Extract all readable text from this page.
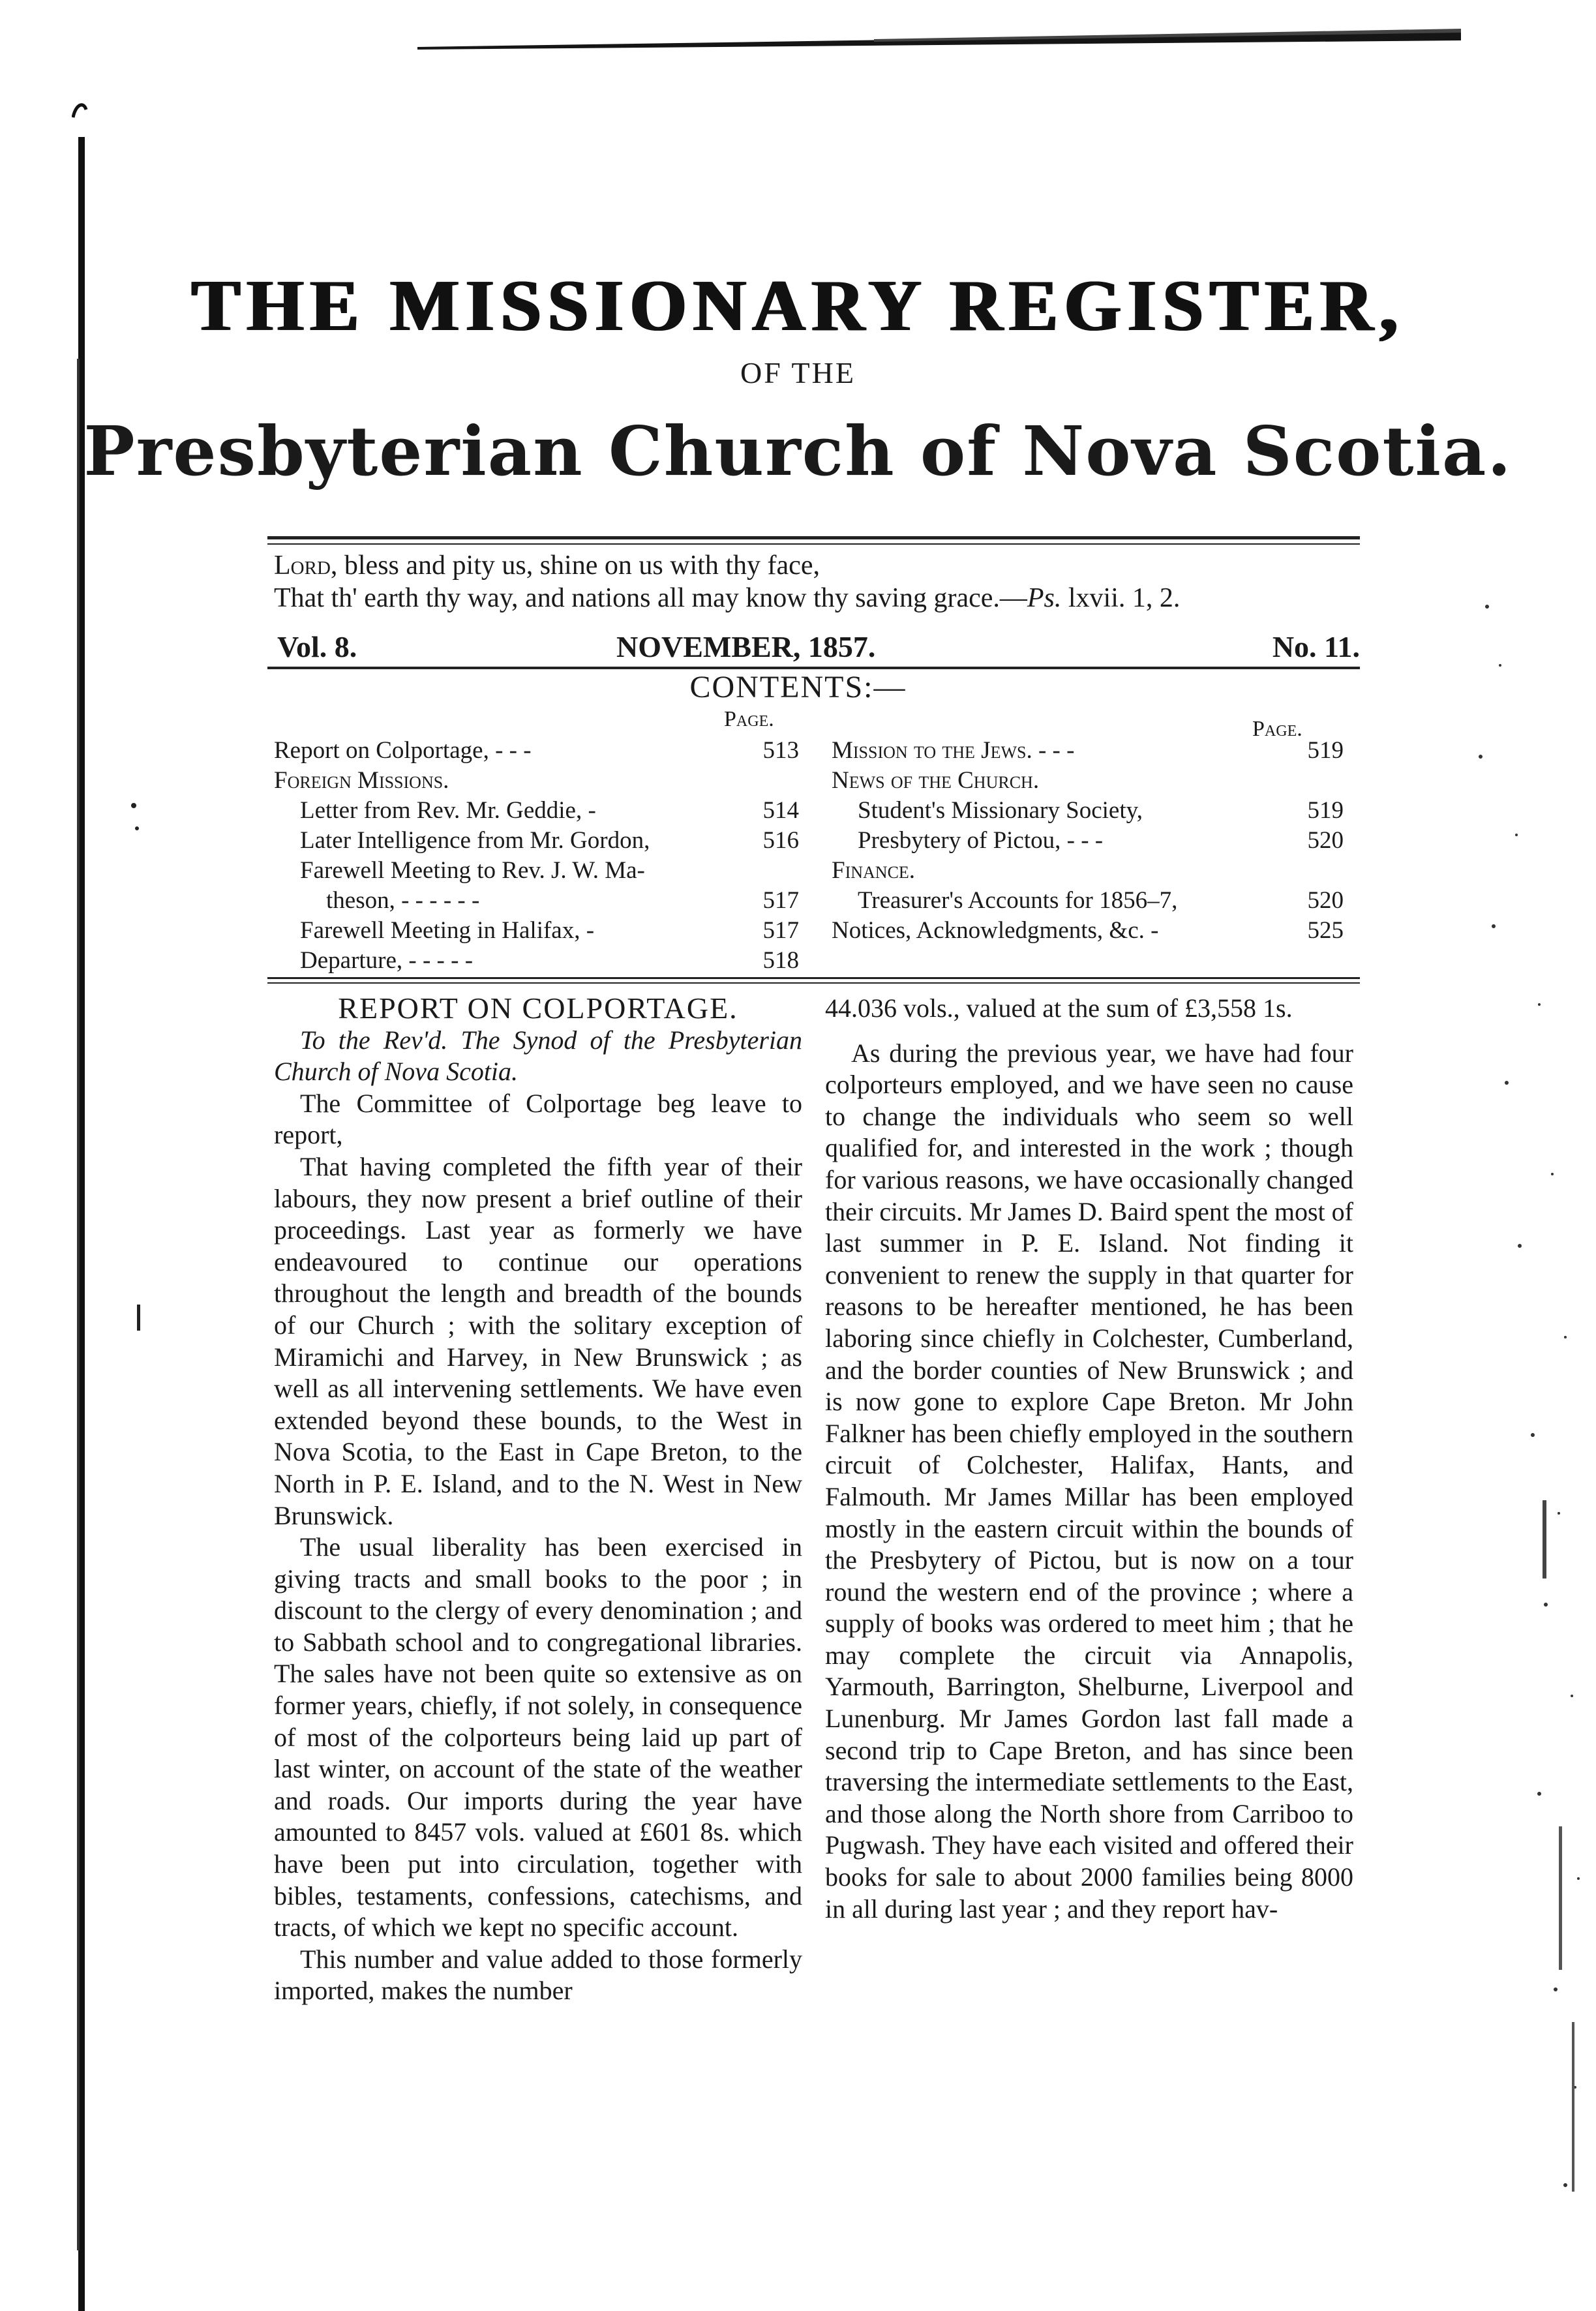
THE MISSIONARY REGISTER,
OF THE
Presbyterian Church of Nova Scotia.
Lord, bless and pity us, shine on us with thy face,
That th' earth thy way, and nations all may know thy saving grace.—Ps. lxvii. 1, 2.
Vol. 8.	NOVEMBER, 1857.	No. 11.
CONTENTS:—
Page.	Page.
Report on Colportage, - - -	513
Foreign Missions.
Letter from Rev. Mr. Geddie, -	514
Later Intelligence from Mr. Gordon,	516
Farewell Meeting to Rev. J. W. Ma-
theson, - - - - - -	517
Farewell Meeting in Halifax, -	517
Departure, - - - - -	518
Mission to the Jews. - - -	519
News of the Church.
Student's Missionary Society,	519
Presbytery of Pictou, - - -	520
Finance.
Treasurer's Accounts for 1856–7,	520
Notices, Acknowledgments, &c. -	525

REPORT ON COLPORTAGE.

To the Rev'd. The Synod of the Presbyterian Church of Nova Scotia.

The Committee of Colportage beg leave to report,

That having completed the fifth year of their labours, they now present a brief outline of their proceedings. Last year as formerly we have endeavoured to continue our operations throughout the length and breadth of the bounds of our Church ; with the solitary exception of Miramichi and Harvey, in New Brunswick ; as well as all intervening settlements. We have even extended beyond these bounds, to the West in Nova Scotia, to the East in Cape Breton, to the North in P. E. Island, and to the N. West in New Brunswick.

The usual liberality has been exercised in giving tracts and small books to the poor ; in discount to the clergy of every denomination ; and to Sabbath school and to congregational libraries. The sales have not been quite so extensive as on former years, chiefly, if not solely, in consequence of most of the colporteurs being laid up part of last winter, on account of the state of the weather and roads. Our imports during the year have amounted to 8457 vols. valued at £601 8s. which have been put into circulation, together with bibles, testaments, confessions, catechisms, and tracts, of which we kept no specific account.

This number and value added to those formerly imported, makes the number

44.036 vols., valued at the sum of £3,558 1s.

As during the previous year, we have had four colporteurs employed, and we have seen no cause to change the individuals who seem so well qualified for, and interested in the work ; though for various reasons, we have occasionally changed their circuits. Mr James D. Baird spent the most of last summer in P. E. Island. Not finding it convenient to renew the supply in that quarter for reasons to be hereafter mentioned, he has been laboring since chiefly in Colchester, Cumberland, and the border counties of New Brunswick ; and is now gone to explore Cape Breton. Mr John Falkner has been chiefly employed in the southern circuit of Colchester, Halifax, Hants, and Falmouth. Mr James Millar has been employed mostly in the eastern circuit within the bounds of the Presbytery of Pictou, but is now on a tour round the western end of the province ; where a supply of books was ordered to meet him ; that he may complete the circuit via Annapolis, Yarmouth, Barrington, Shelburne, Liverpool and Lunenburg. Mr James Gordon last fall made a second trip to Cape Breton, and has since been traversing the intermediate settlements to the East, and those along the North shore from Carriboo to Pugwash. They have each visited and offered their books for sale to about 2000 families being 8000 in all during last year ; and they report hav-
